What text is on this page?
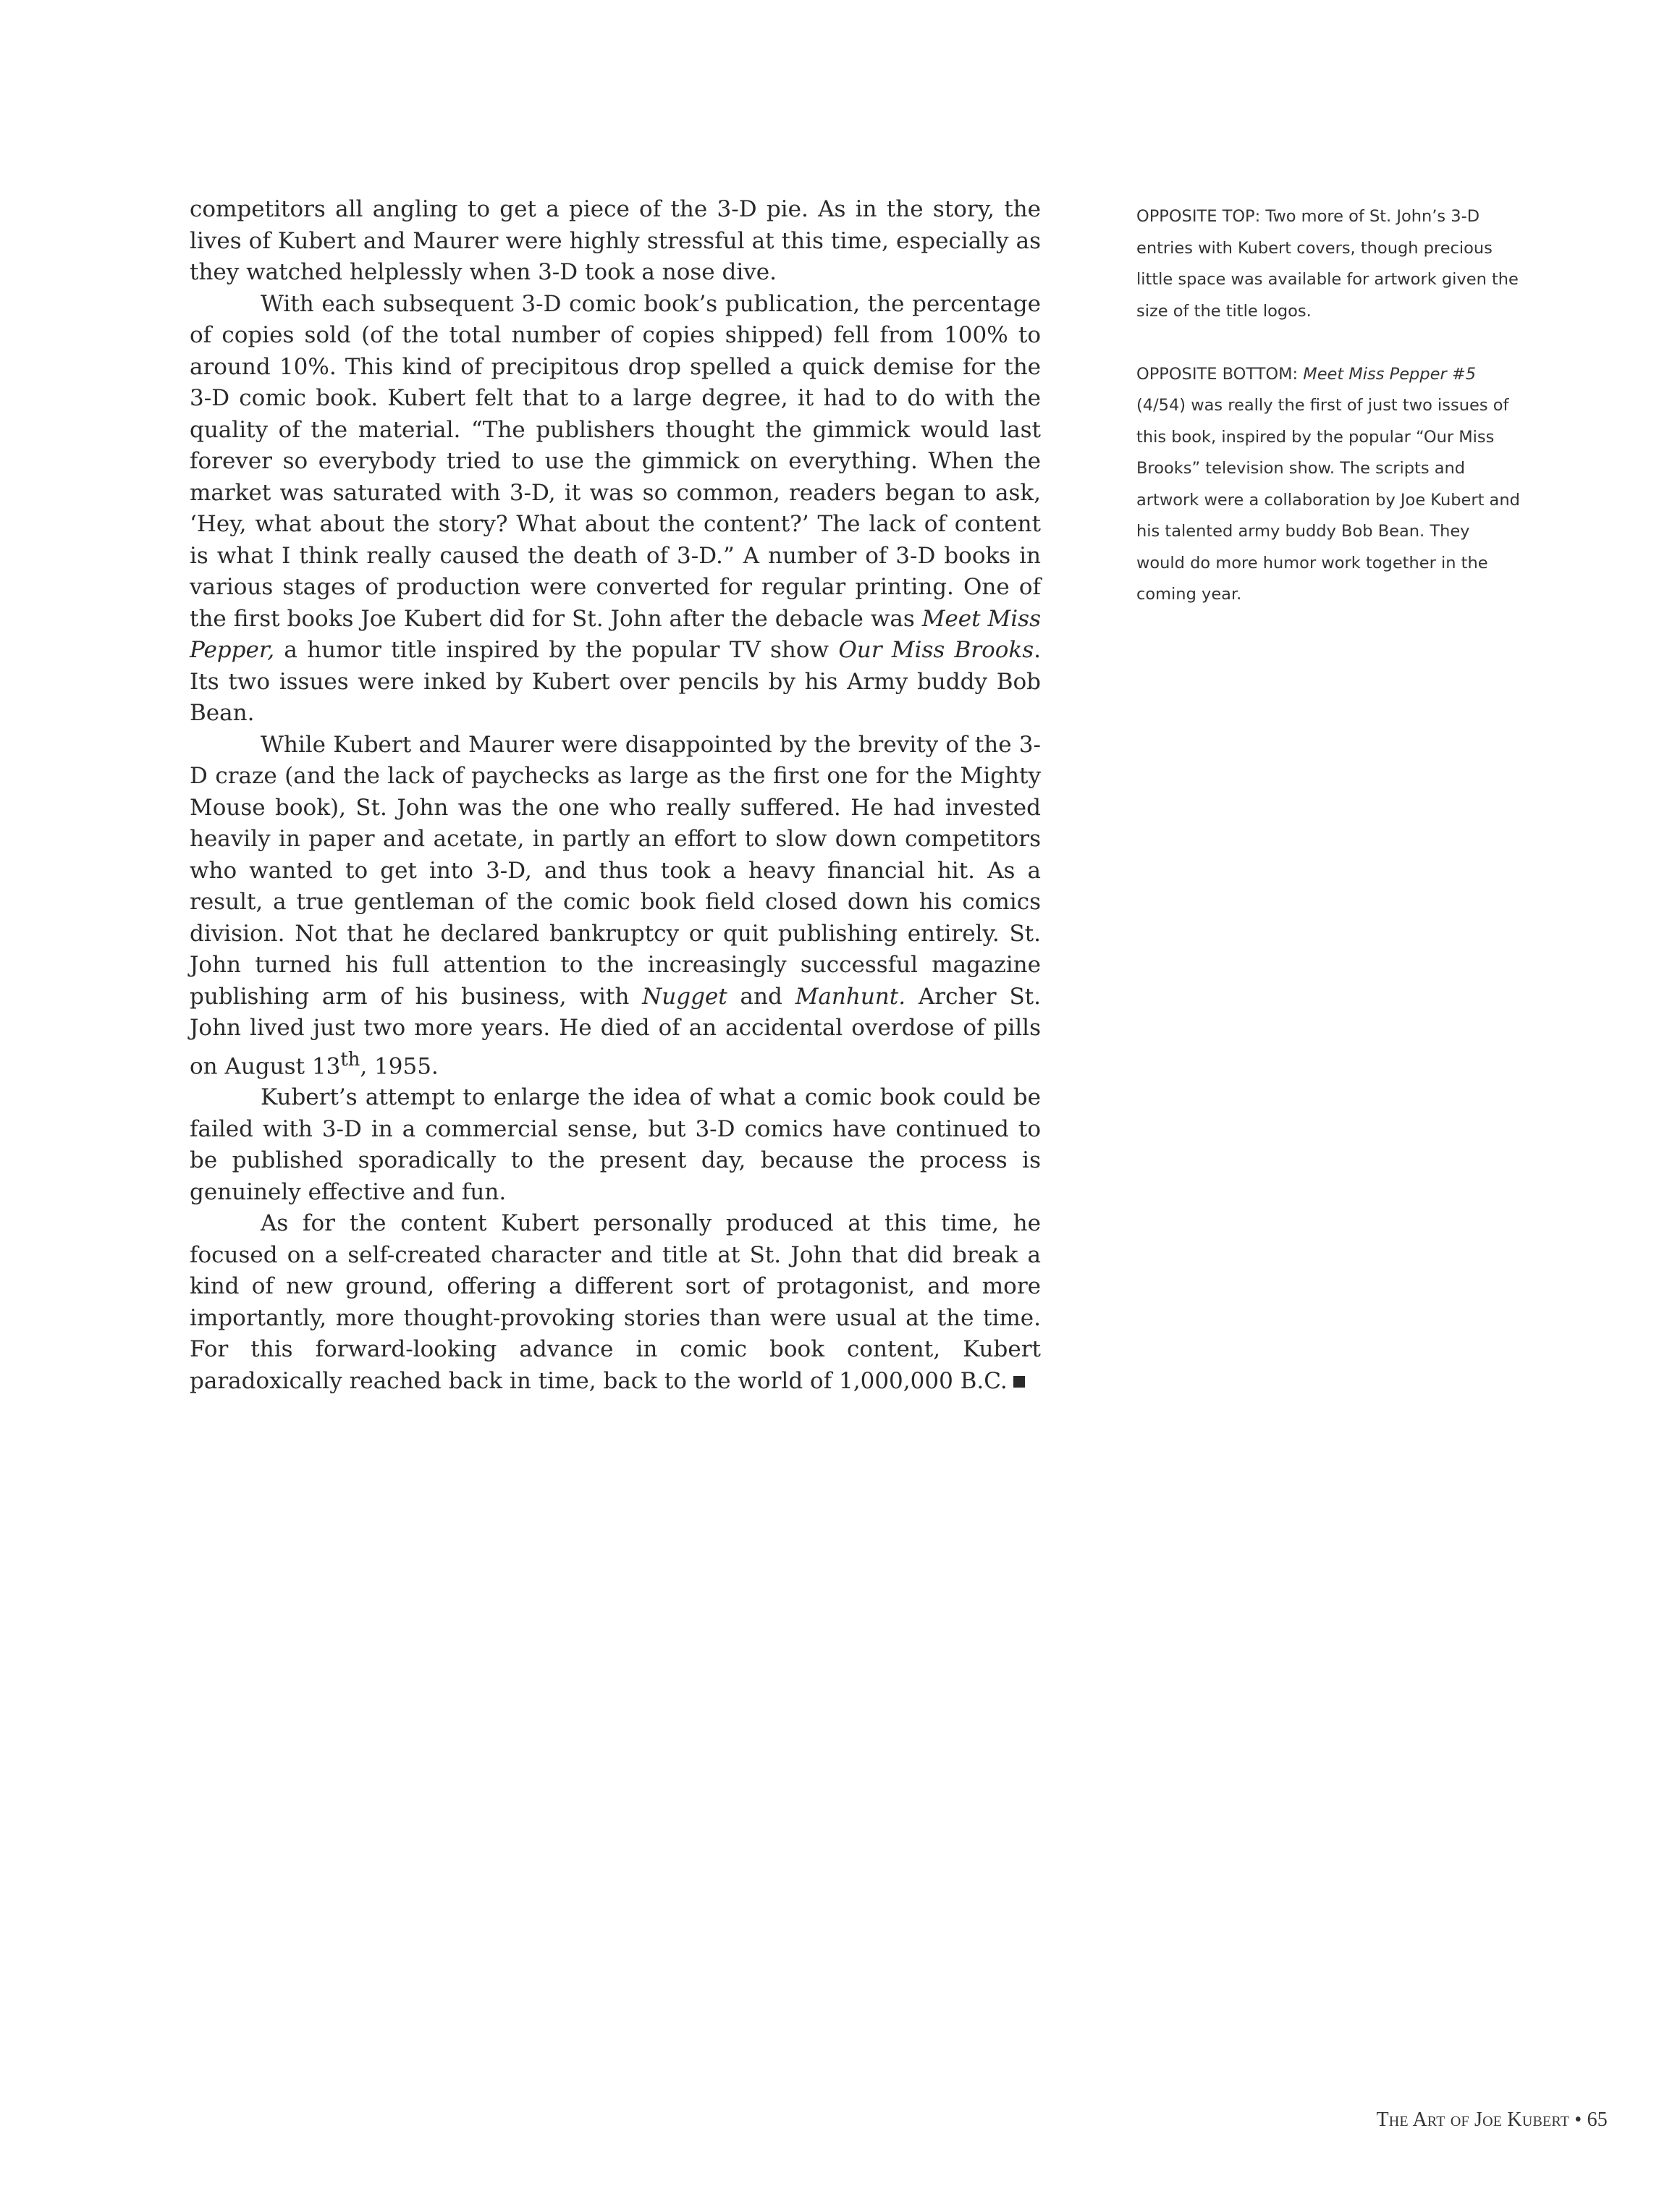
competitors all angling to get a piece of the 3-D pie. As in the story, the lives of Kubert and Maurer were highly stressful at this time, especially as they watched helplessly when 3-D took a nose dive.

With each subsequent 3-D comic book’s publication, the percentage of copies sold (of the total number of copies shipped) fell from 100% to around 10%. This kind of precipitous drop spelled a quick demise for the 3-D comic book. Kubert felt that to a large degree, it had to do with the quality of the material. “The publishers thought the gimmick would last forever so everybody tried to use the gimmick on everything. When the market was saturated with 3-D, it was so common, readers began to ask, ‘Hey, what about the story? What about the content?’ The lack of content is what I think really caused the death of 3-D.” A number of 3-D books in various stages of production were converted for regular printing. One of the first books Joe Kubert did for St. John after the debacle was Meet Miss Pepper, a humor title inspired by the popular TV show Our Miss Brooks. Its two issues were inked by Kubert over pencils by his Army buddy Bob Bean.

While Kubert and Maurer were disappointed by the brevity of the 3-D craze (and the lack of paychecks as large as the first one for the Mighty Mouse book), St. John was the one who really suffered. He had invested heavily in paper and acetate, in partly an effort to slow down competitors who wanted to get into 3-D, and thus took a heavy financial hit. As a result, a true gentleman of the comic book field closed down his comics division. Not that he declared bankruptcy or quit publishing entirely. St. John turned his full attention to the increasingly successful magazine publishing arm of his business, with Nugget and Manhunt. Archer St. John lived just two more years. He died of an accidental overdose of pills on August 13th, 1955.

Kubert’s attempt to enlarge the idea of what a comic book could be failed with 3-D in a commercial sense, but 3-D comics have continued to be published sporadically to the present day, because the process is genuinely effective and fun.

As for the content Kubert personally produced at this time, he focused on a self-created character and title at St. John that did break a kind of new ground, offering a different sort of protagonist, and more importantly, more thought-provoking stories than were usual at the time. For this forward-looking advance in comic book content, Kubert paradoxically reached back in time, back to the world of 1,000,000 B.C.

OPPOSITE TOP: Two more of St. John’s 3-D entries with Kubert covers, though precious little space was available for artwork given the size of the title logos.

OPPOSITE BOTTOM: Meet Miss Pepper #5 (4/54) was really the first of just two issues of this book, inspired by the popular “Our Miss Brooks” television show. The scripts and artwork were a collaboration by Joe Kubert and his talented army buddy Bob Bean. They would do more humor work together in the coming year.

The Art of Joe Kubert • 65
